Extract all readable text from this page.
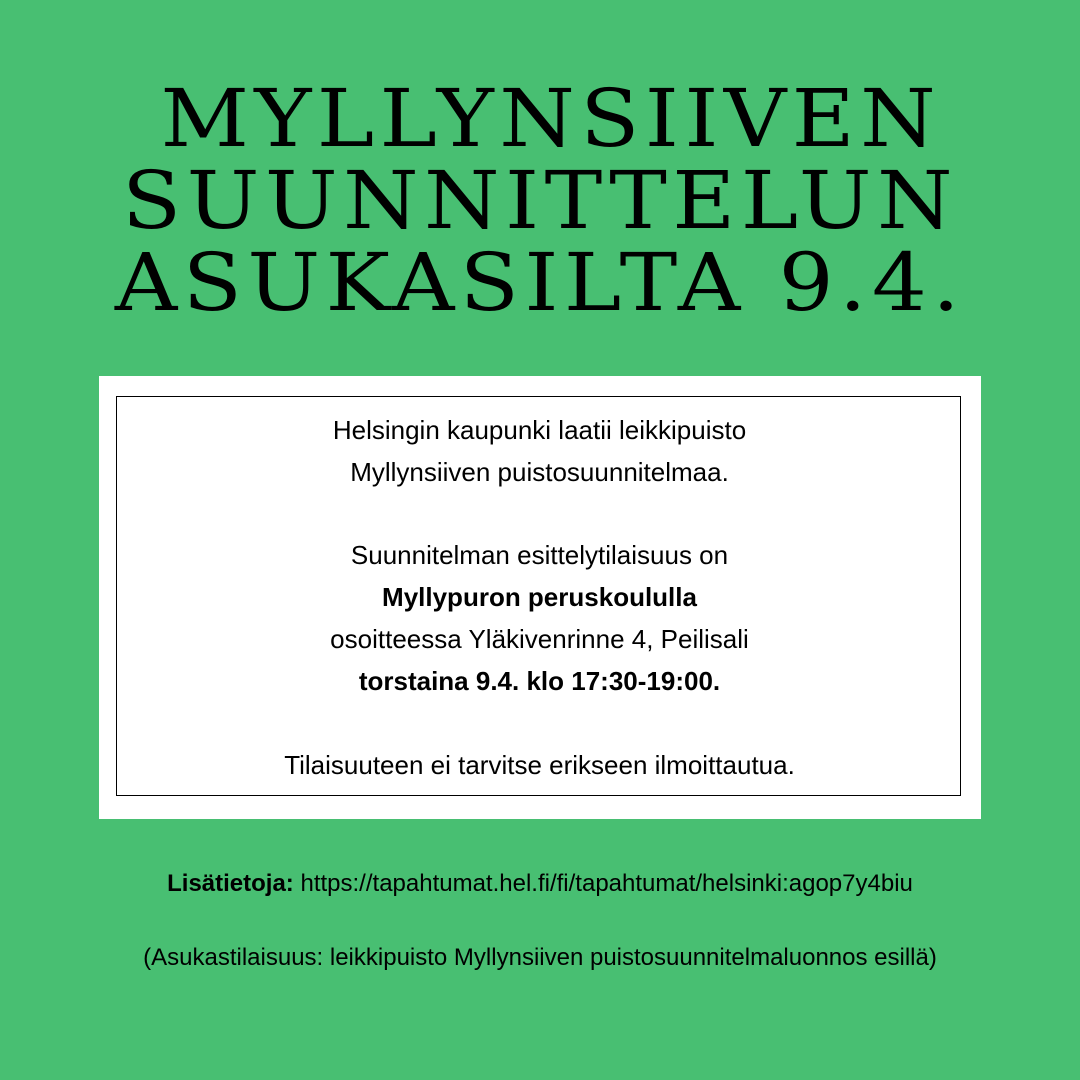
MYLLYNSIIVEN
SUUNNITTELUN
ASUKASILTA 9.4.
Helsingin kaupunki laatii leikkipuisto
Myllynsiiven puistosuunnitelmaa.
Suunnitelman esittelytilaisuus on
Myllypuron peruskoululla
osoitteessa Yläkivenrinne 4, Peilisali
torstaina 9.4. klo 17:30-19:00.
Tilaisuuteen ei tarvitse erikseen ilmoittautua.
Lisätietoja: https://tapahtumat.hel.fi/fi/tapahtumat/helsinki:agop7y4biu
(Asukastilaisuus: leikkipuisto Myllynsiiven puistosuunnitelmaluonnos esillä)
